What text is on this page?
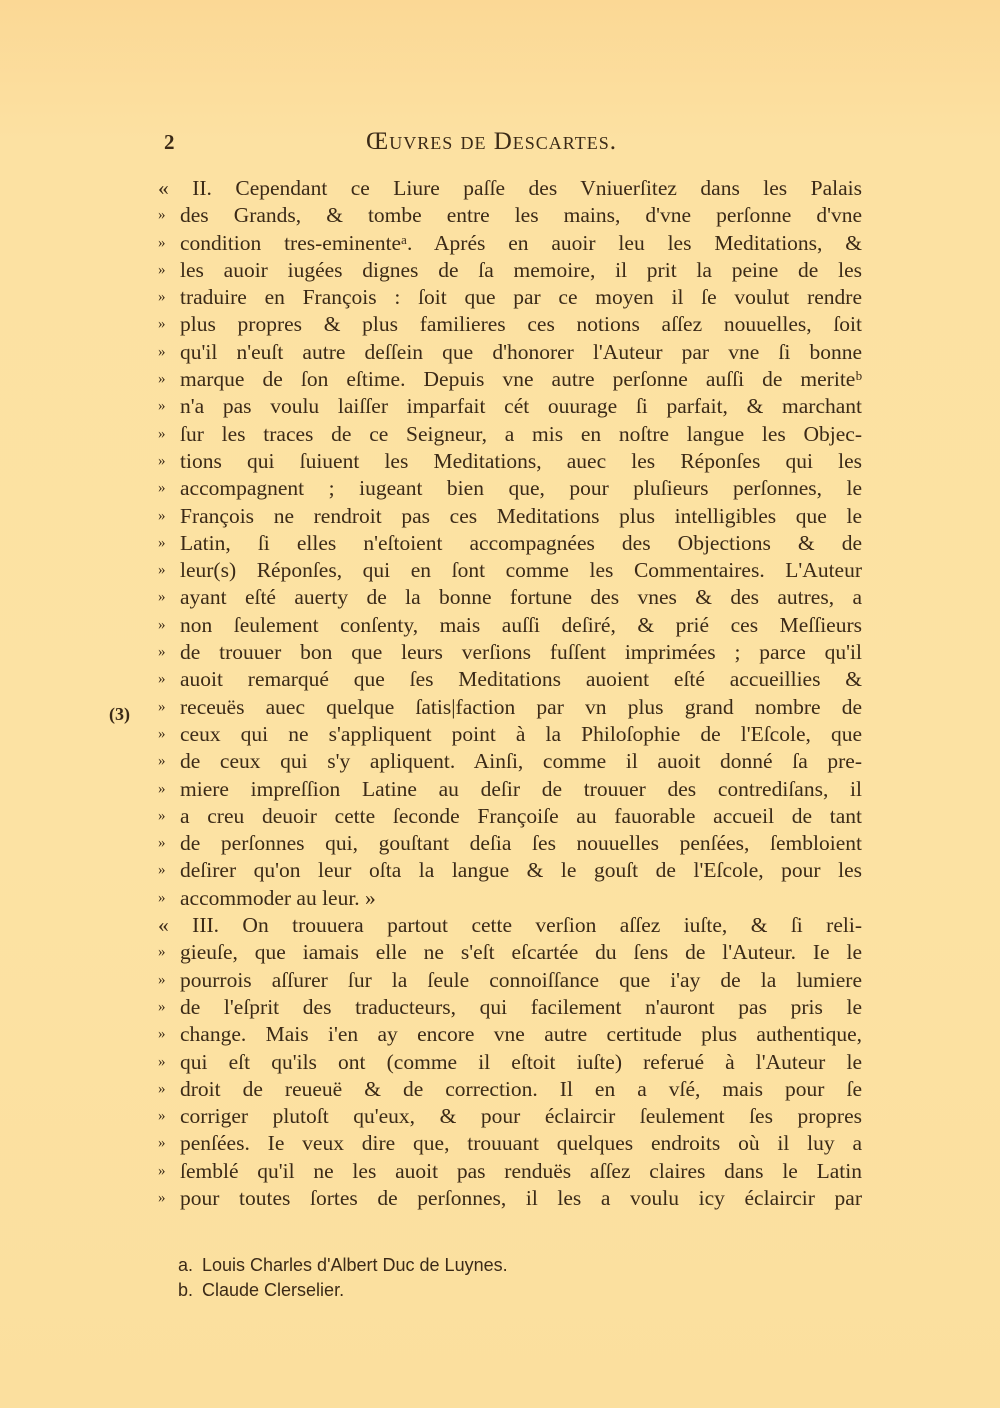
2	Œuvres de Descartes.
(3)
« II. Cependant ce Liure paſſe des Vniuerſitez dans les Palais
» des Grands, & tombe entre les mains, d'vne perſonne d'vne
» condition tres-eminenteᵃ. Aprés en auoir leu les Meditations, &
» les auoir iugées dignes de ſa memoire, il prit la peine de les
» traduire en François : ſoit que par ce moyen il ſe voulut rendre
» plus propres & plus familieres ces notions aſſez nouuelles, ſoit
» qu'il n'euſt autre deſſein que d'honorer l'Auteur par vne ſi bonne
» marque de ſon eſtime. Depuis vne autre perſonne auſſi de meriteᵇ
» n'a pas voulu laiſſer imparfait cét ouurage ſi parfait, & marchant
» ſur les traces de ce Seigneur, a mis en noſtre langue les Objec-
» tions qui ſuiuent les Meditations, auec les Réponſes qui les
» accompagnent ; iugeant bien que, pour pluſieurs perſonnes, le
» François ne rendroit pas ces Meditations plus intelligibles que le
» Latin, ſi elles n'eſtoient accompagnées des Objections & de
» leur(s) Réponſes, qui en ſont comme les Commentaires. L'Auteur
» ayant eſté auerty de la bonne fortune des vnes & des autres, a
» non ſeulement conſenty, mais auſſi deſiré, & prié ces Meſſieurs
» de trouuer bon que leurs verſions fuſſent imprimées ; parce qu'il
» auoit remarqué que ſes Meditations auoient eſté accueillies &
» receuës auec quelque ſatis|faction par vn plus grand nombre de
» ceux qui ne s'appliquent point à la Philoſophie de l'Eſcole, que
» de ceux qui s'y apliquent. Ainſi, comme il auoit donné ſa pre-
» miere impreſſion Latine au deſir de trouuer des contrediſans, il
» a creu deuoir cette ſeconde Françoiſe au fauorable accueil de tant
» de perſonnes qui, gouſtant deſia ſes nouuelles penſées, ſembloient
» deſirer qu'on leur oſta la langue & le gouſt de l'Eſcole, pour les
» accommoder au leur. »
« III. On trouuera partout cette verſion aſſez iuſte, & ſi reli-
» gieuſe, que iamais elle ne s'eſt eſcartée du ſens de l'Auteur. Ie le
» pourrois aſſurer ſur la ſeule connoiſſance que i'ay de la lumiere
» de l'eſprit des traducteurs, qui facilement n'auront pas pris le
» change. Mais i'en ay encore vne autre certitude plus authentique,
» qui eſt qu'ils ont (comme il eſtoit iuſte) referué à l'Auteur le
» droit de reueuë & de correction. Il en a vſé, mais pour ſe
» corriger plutoſt qu'eux, & pour éclaircir ſeulement ſes propres
» penſées. Ie veux dire que, trouuant quelques endroits où il luy a
» ſemblé qu'il ne les auoit pas renduës aſſez claires dans le Latin
» pour toutes ſortes de perſonnes, il les a voulu icy éclaircir par
a. Louis Charles d'Albert Duc de Luynes.
b. Claude Clerselier.
